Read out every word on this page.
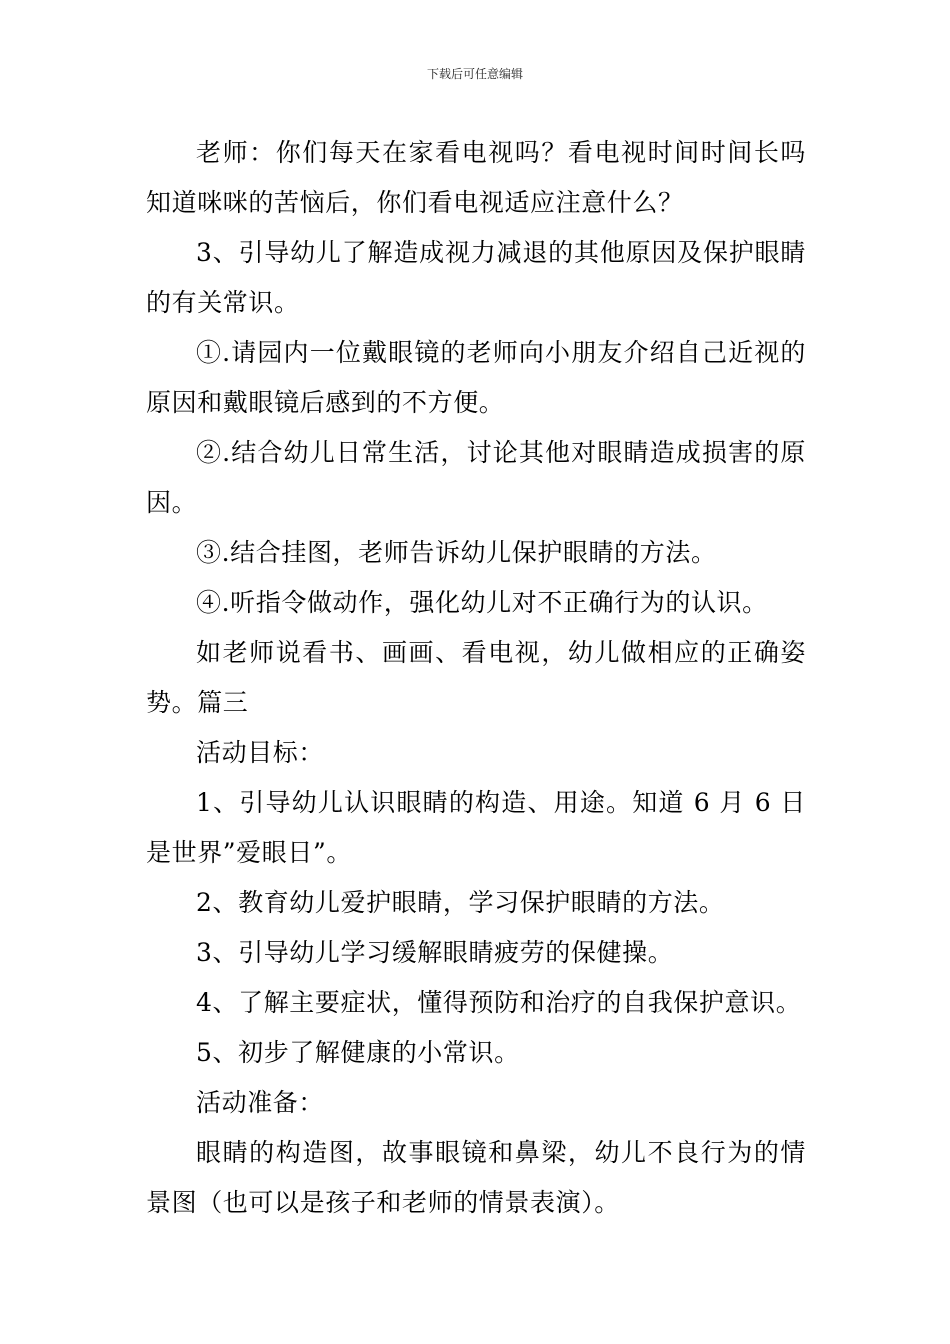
下载后可任意编辑

老师：你们每天在家看电视吗？看电视时间时间长吗知道咪咪的苦恼后，你们看电视适应注意什么？

3、引导幼儿了解造成视力减退的其他原因及保护眼睛的有关常识。

①.请园内一位戴眼镜的老师向小朋友介绍自己近视的原因和戴眼镜后感到的不方便。

②.结合幼儿日常生活，讨论其他对眼睛造成损害的原因。

③.结合挂图，老师告诉幼儿保护眼睛的方法。

④.听指令做动作，强化幼儿对不正确行为的认识。

如老师说看书、画画、看电视，幼儿做相应的正确姿势。篇三

活动目标：

1、引导幼儿认识眼睛的构造、用途。知道 6 月 6 日是世界”爱眼日”。

2、教育幼儿爱护眼睛，学习保护眼睛的方法。

3、引导幼儿学习缓解眼睛疲劳的保健操。

4、了解主要症状，懂得预防和治疗的自我保护意识。

5、初步了解健康的小常识。

活动准备：

眼睛的构造图，故事眼镜和鼻梁，幼儿不良行为的情景图（也可以是孩子和老师的情景表演）。
